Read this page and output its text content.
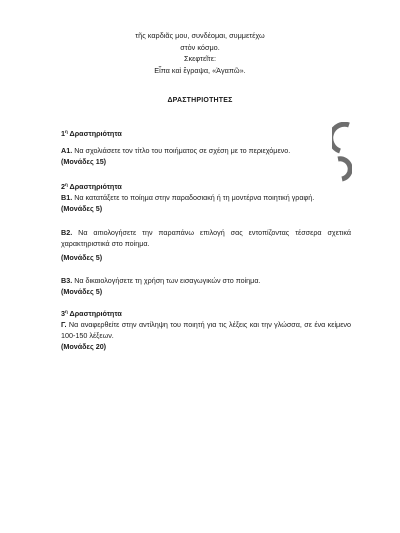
τῆς καρδιᾶς μου, συνδέομαι, συμμετέχω
στὸν κόσμο.
Σκεφτεῖτε:
Εἶπα καὶ ἔγραψα, «Ἀγαπῶ».
ΔΡΑΣΤΗΡΙΟΤΗΤΕΣ
$1^\eta$ Δραστηριότητα
Α1. Να σχολιάσετε τον τίτλο του ποιήματος σε σχέση με το περιεχόμενο.
(Μονάδες 15)
$2^\eta$ Δραστηριότητα
Β1. Να κατατάξετε το ποίημα στην παραδοσιακή ή τη μοντέρνα ποιητική γραφή.
(Μονάδες 5)
Β2. Να αιτιολογήσετε την παραπάνω επιλογή σας εντοπίζοντας τέσσερα σχετικά χαρακτηριστικά στο ποίημα.
(Μονάδες 5)
Β3. Να δικαιολογήσετε τη χρήση των εισαγωγικών στο ποίημα.
(Μονάδες 5)
$3^\eta$ Δραστηριότητα
Γ. Να αναφερθείτε στην αντίληψη του ποιητή για τις λέξεις και την γλώσσα, σε ένα κείμενο 100-150 λέξεων.
(Μονάδες 20)
